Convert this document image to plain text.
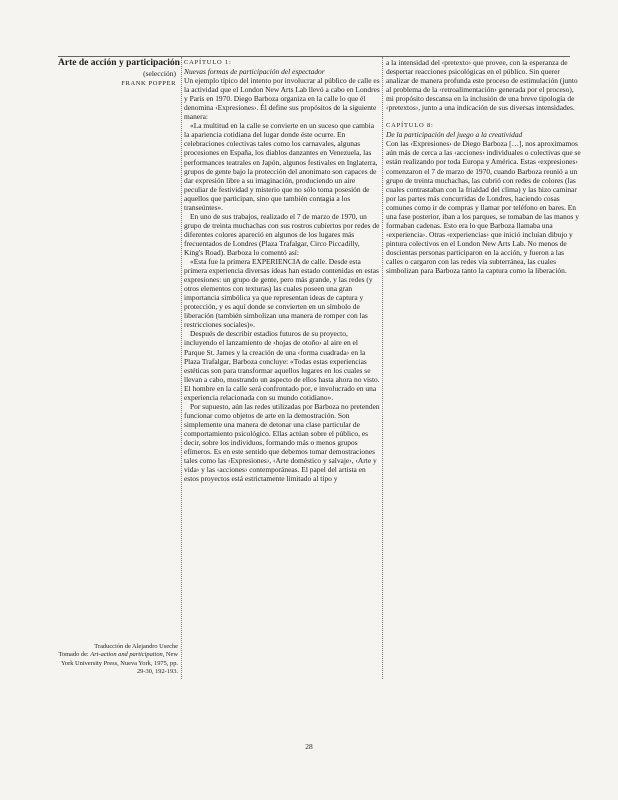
Arte de acción y participación
(selección)
FRANK POPPER
CAPÍTULO 1:
Nuevas formas de participación del espectador

Un ejemplo típico del intento por involucrar al público de calle es la actividad que el London New Arts Lab llevó a cabo en Londres y París en 1970. Diego Barboza organiza en la calle lo que él denomina ‹Expresiones›. Él define sus propósitos de la siguiente manera:

«La multitud en la calle se convierte en un suceso que cambia la apariencia cotidiana del lugar donde éste ocurre. En celebraciones colectivas tales como los carnavales, algunas procesiones en España, los diablos danzantes en Venezuela, las performances teatrales en Japón, algunos festivales en Inglaterra, grupos de gente bajo la protección del anonimato son capaces de dar expresión libre a su imaginación, produciendo un aire peculiar de festividad y misterio que no sólo toma posesión de aquellos que participan, sino que también contagia a los transeúntes».

En uno de sus trabajos, realizado el 7 de marzo de 1970, un grupo de treinta muchachas con sus rostros cubiertos por redes de diferentes colores apareció en algunos de los lugares más frecuentados de Londres (Plaza Trafalgar, Circo Piccadilly, King's Road). Barboza lo comentó así:

«Esta fue la primera EXPERIENCIA de calle. Desde esta primera experiencia diversas ideas han estado contenidas en estas expresiones: un grupo de gente, pero más grande, y las redes (y otros elementos con texturas) las cuales poseen una gran importancia simbólica ya que representan ideas de captura y protección, y es aquí donde se convierten en un símbolo de liberación (también simbolizan una manera de romper con las restricciones sociales)».

Después de describir estadios futuros de su proyecto, incluyendo el lanzamiento de ‹hojas de otoño› al aire en el Parque St. James y la creación de una ‹forma cuadrada› en la Plaza Trafalgar, Barboza concluye: «Todas estas experiencias estéticas son para transformar aquellos lugares en los cuales se llevan a cabo, mostrando un aspecto de ellos hasta ahora no visto. El hombre en la calle será confrontado por, e involucrado en una experiencia relacionada con su mundo cotidiano».

Por supuesto, aún las redes utilizadas por Barboza no pretenden funcionar como objetos de arte en la demostración. Son simplemente una manera de detonar una clase particular de comportamiento psicológico. Ellas actúan sobre el público, es decir, sobre los individuos, formando más o menos grupos efímeros. Es en este sentido que debemos tomar demostraciones tales como las ‹Expresiones›, ‹Arte doméstico y salvaje›, ‹Arte y vida› y las ‹acciones› contemporáneas. El papel del artista en estos proyectos está estrictamente limitado al tipo y

a la intensidad del ‹pretexto› que provee, con la esperanza de despertar reacciones psicológicas en el público. Sin querer analizar de manera profunda este proceso de estimulación (junto al problema de la ‹retroalimentación› generada por el proceso), mi propósito descansa en la inclusión de una breve tipología de ‹pretextos›, junto a una indicación de sus diversas intensidades.

CAPÍTULO 8:
De la participación del juego a la creatividad

Con las ‹Expresiones› de Diego Barboza […], nos aproximamos aún más de cerca a las ‹acciones› individuales o colectivas que se están realizando por toda Europa y América. Estas ‹expresiones› comenzaron el 7 de marzo de 1970, cuando Barboza reunió a un grupo de treinta muchachas, las cubrió con redes de colores (las cuales contrastaban con la frialdad del clima) y las hizo caminar por las partes más concurridas de Londres, haciendo cosas comunes como ir de compras y llamar por teléfono en bares. En una fase posterior, iban a los parques, se tomaban de las manos y formaban cadenas. Esto era lo que Barboza llamaba una ‹experiencia›. Otras ‹experiencias› que inició incluían dibujo y pintura colectivos en el London New Arts Lab. No menos de doscientas personas participaron en la acción, y fueron a las calles o cargaron con las redes vía subterránea, las cuales simbolizan para Barboza tanto la captura como la liberación.

Traducción de Alejandro Useche
Tomado de: Art-action and participation, New York University Press, Nueva York, 1975, pp. 29-30, 192-193.
28
